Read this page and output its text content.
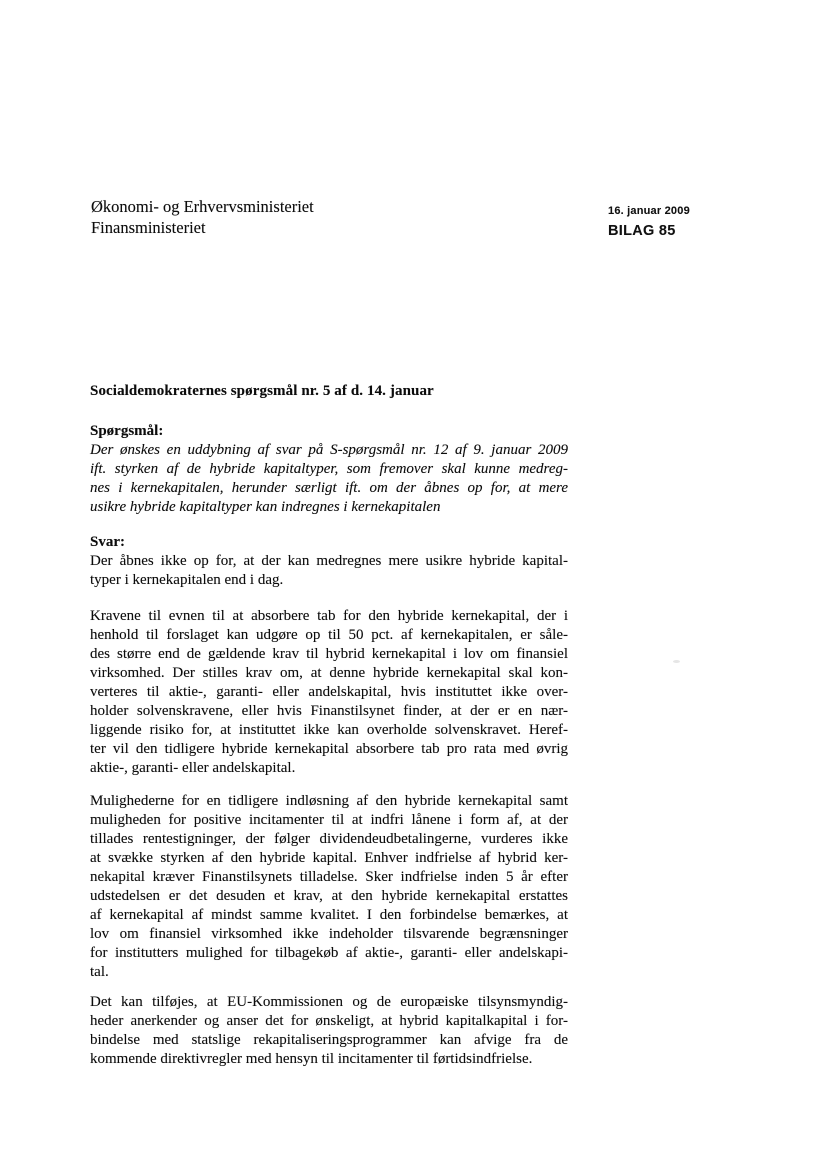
Økonomi- og Erhvervsministeriet
Finansministeriet
16. januar 2009
BILAG 85
Socialdemokraternes spørgsmål nr. 5 af d. 14. januar
Spørgsmål:
Der ønskes en uddybning af svar på S-spørgsmål nr. 12 af 9. januar 2009
ift. styrken af de hybride kapitaltyper, som fremover skal kunne medreg-
nes i kernekapitalen, herunder særligt ift. om der åbnes op for, at mere
usikre hybride kapitaltyper kan indregnes i kernekapitalen
Svar:
Der åbnes ikke op for, at der kan medregnes mere usikre hybride kapital-
typer i kernekapitalen end i dag.
Kravene til evnen til at absorbere tab for den hybride kernekapital, der i
henhold til forslaget kan udgøre op til 50 pct. af kernekapitalen, er såle-
des større end de gældende krav til hybrid kernekapital i lov om finansiel
virksomhed. Der stilles krav om, at denne hybride kernekapital skal kon-
verteres til aktie-, garanti- eller andelskapital, hvis instituttet ikke over-
holder solvenskravene, eller hvis Finanstilsynet finder, at der er en nær-
liggende risiko for, at instituttet ikke kan overholde solvenskravet. Heref-
ter vil den tidligere hybride kernekapital absorbere tab pro rata med øvrig
aktie-, garanti- eller andelskapital.
Mulighederne for en tidligere indløsning af den hybride kernekapital samt
muligheden for positive incitamenter til at indfri lånene i form af, at der
tillades rentestigninger, der følger dividendeudbetalingerne, vurderes ikke
at svække styrken af den hybride kapital. Enhver indfrielse af hybrid ker-
nekapital kræver Finanstilsynets tilladelse. Sker indfrielse inden 5 år efter
udstedelsen er det desuden et krav, at den hybride kernekapital erstattes
af kernekapital af mindst samme kvalitet. I den forbindelse bemærkes, at
lov om finansiel virksomhed ikke indeholder tilsvarende begrænsninger
for institutters mulighed for tilbagekøb af aktie-, garanti- eller andelskapi-
tal.
Det kan tilføjes, at EU-Kommissionen og de europæiske tilsynsmyndig-
heder anerkender og anser det for ønskeligt, at hybrid kapitalkapital i for-
bindelse med statslige rekapitaliseringsprogrammer kan afvige fra de
kommende direktivregler med hensyn til incitamenter til førtidsindfrielse.
